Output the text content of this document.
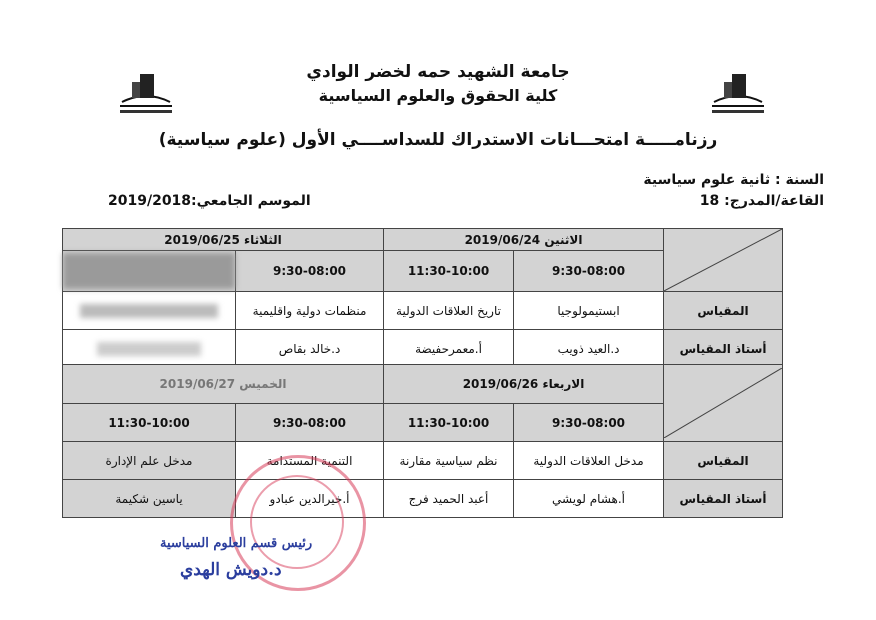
جامعة الشهيد حمه لخضر الوادي
كلية الحقوق والعلوم السياسية
رزنامـــــة امتحـــانات الاستدراك للسداســــي الأول (علوم سياسية)
السنة : ثانية علوم سياسية
القاعة/المدرج: 18
الموسم الجامعي:2019/2018
	الاثنين 2019/06/24		الثلاثاء 2019/06/25	
	9:30-08:00	11:30-10:00	9:30-08:00	

المقياس	ابستيمولوجيا	تاريخ العلاقات الدولية	منظمات دولية واقليمية	

أستاذ المقياس	د.العيد ذويب	أ.معمرحفيضة	د.خالد بقاص	
	الاربعاء 2019/06/26		الخميس 2019/06/27	
	9:30-08:00	11:30-10:00	9:30-08:00	11:30-10:00
المقياس	مدخل العلاقات الدولية	نظم سياسية مقارنة	التنمية المستدامة	مدخل علم الإدارة
أستاذ المقياس	أ.هشام لويشي	أعبد الحميد فرج	أ.خيرالدين عبادو	ياسين شكيمة
رئيس قسم العلوم السياسية
د.دويش الهدي
